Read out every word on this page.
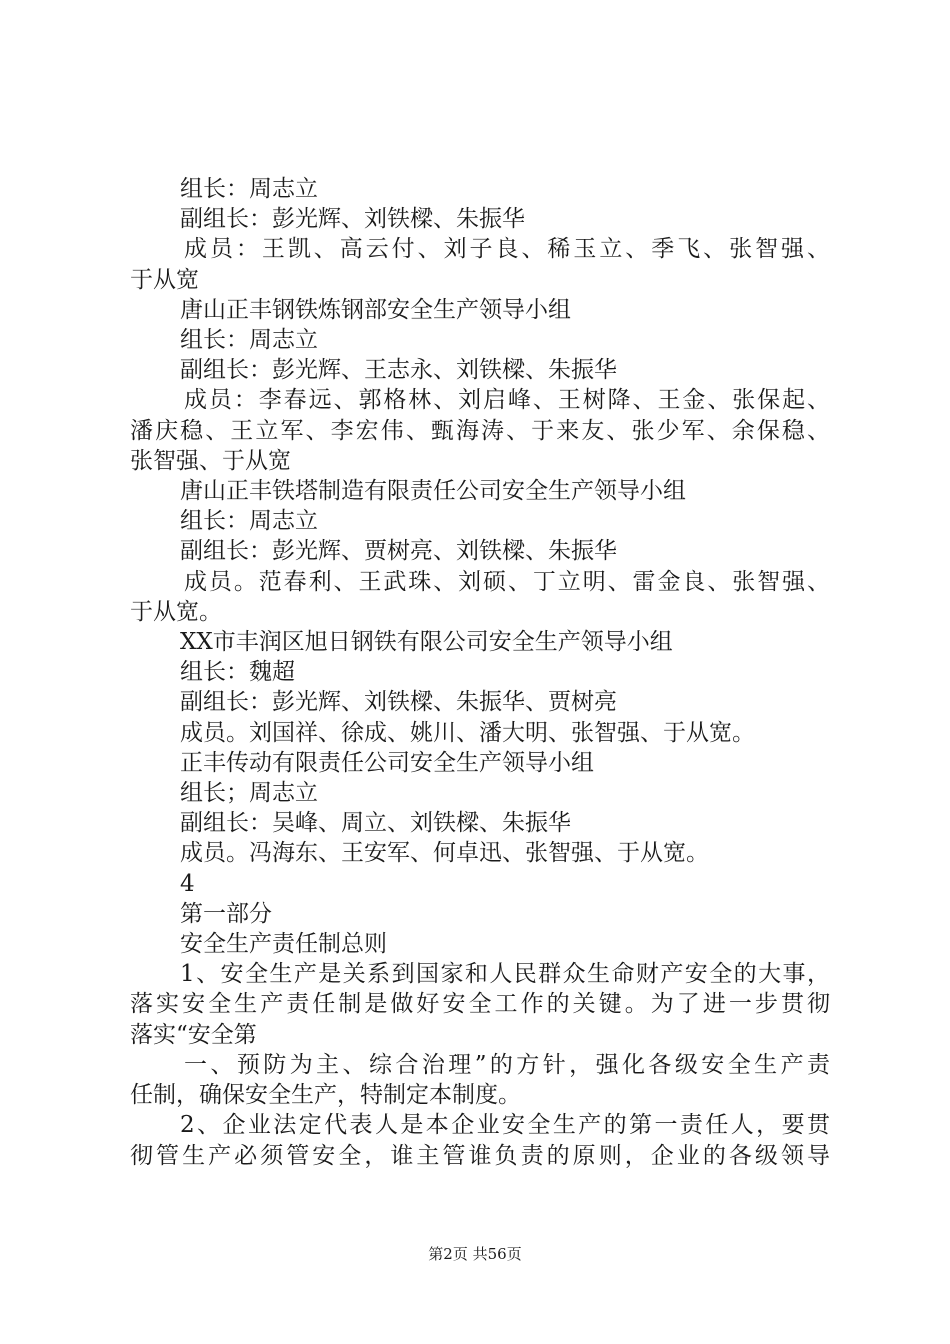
组长：周志立

副组长：彭光辉、刘铁樑、朱振华

成员：王凯、高云付、刘子良、稀玉立、季飞、张智强、

于从宽

唐山正丰钢铁炼钢部安全生产领导小组

组长：周志立

副组长：彭光辉、王志永、刘铁樑、朱振华

成员：李春远、郭格林、刘启峰、王树降、王金、张保起、

潘庆稳、王立军、李宏伟、甄海涛、于来友、张少军、余保稳、

张智强、于从宽

唐山正丰铁塔制造有限责任公司安全生产领导小组

组长：周志立

副组长：彭光辉、贾树亮、刘铁樑、朱振华

成员。范春利、王武珠、刘硕、丁立明、雷金良、张智强、

于从宽。

XX市丰润区旭日钢铁有限公司安全生产领导小组

组长：魏超

副组长：彭光辉、刘铁樑、朱振华、贾树亮

成员。刘国祥、徐成、姚川、潘大明、张智强、于从宽。

正丰传动有限责任公司安全生产领导小组

组长；周志立

副组长：吴峰、周立、刘铁樑、朱振华

成员。冯海东、王安军、何卓迅、张智强、于从宽。

4

第一部分

安全生产责任制总则

1、安全生产是关系到国家和人民群众生命财产安全的大事，

落实安全生产责任制是做好安全工作的关键。为了进一步贯彻

落实“安全第

一、预防为主、综合治理”的方针，强化各级安全生产责

任制，确保安全生产，特制定本制度。

2、企业法定代表人是本企业安全生产的第一责任人，要贯

彻管生产必须管安全，谁主管谁负责的原则，企业的各级领导

第2页 共56页
